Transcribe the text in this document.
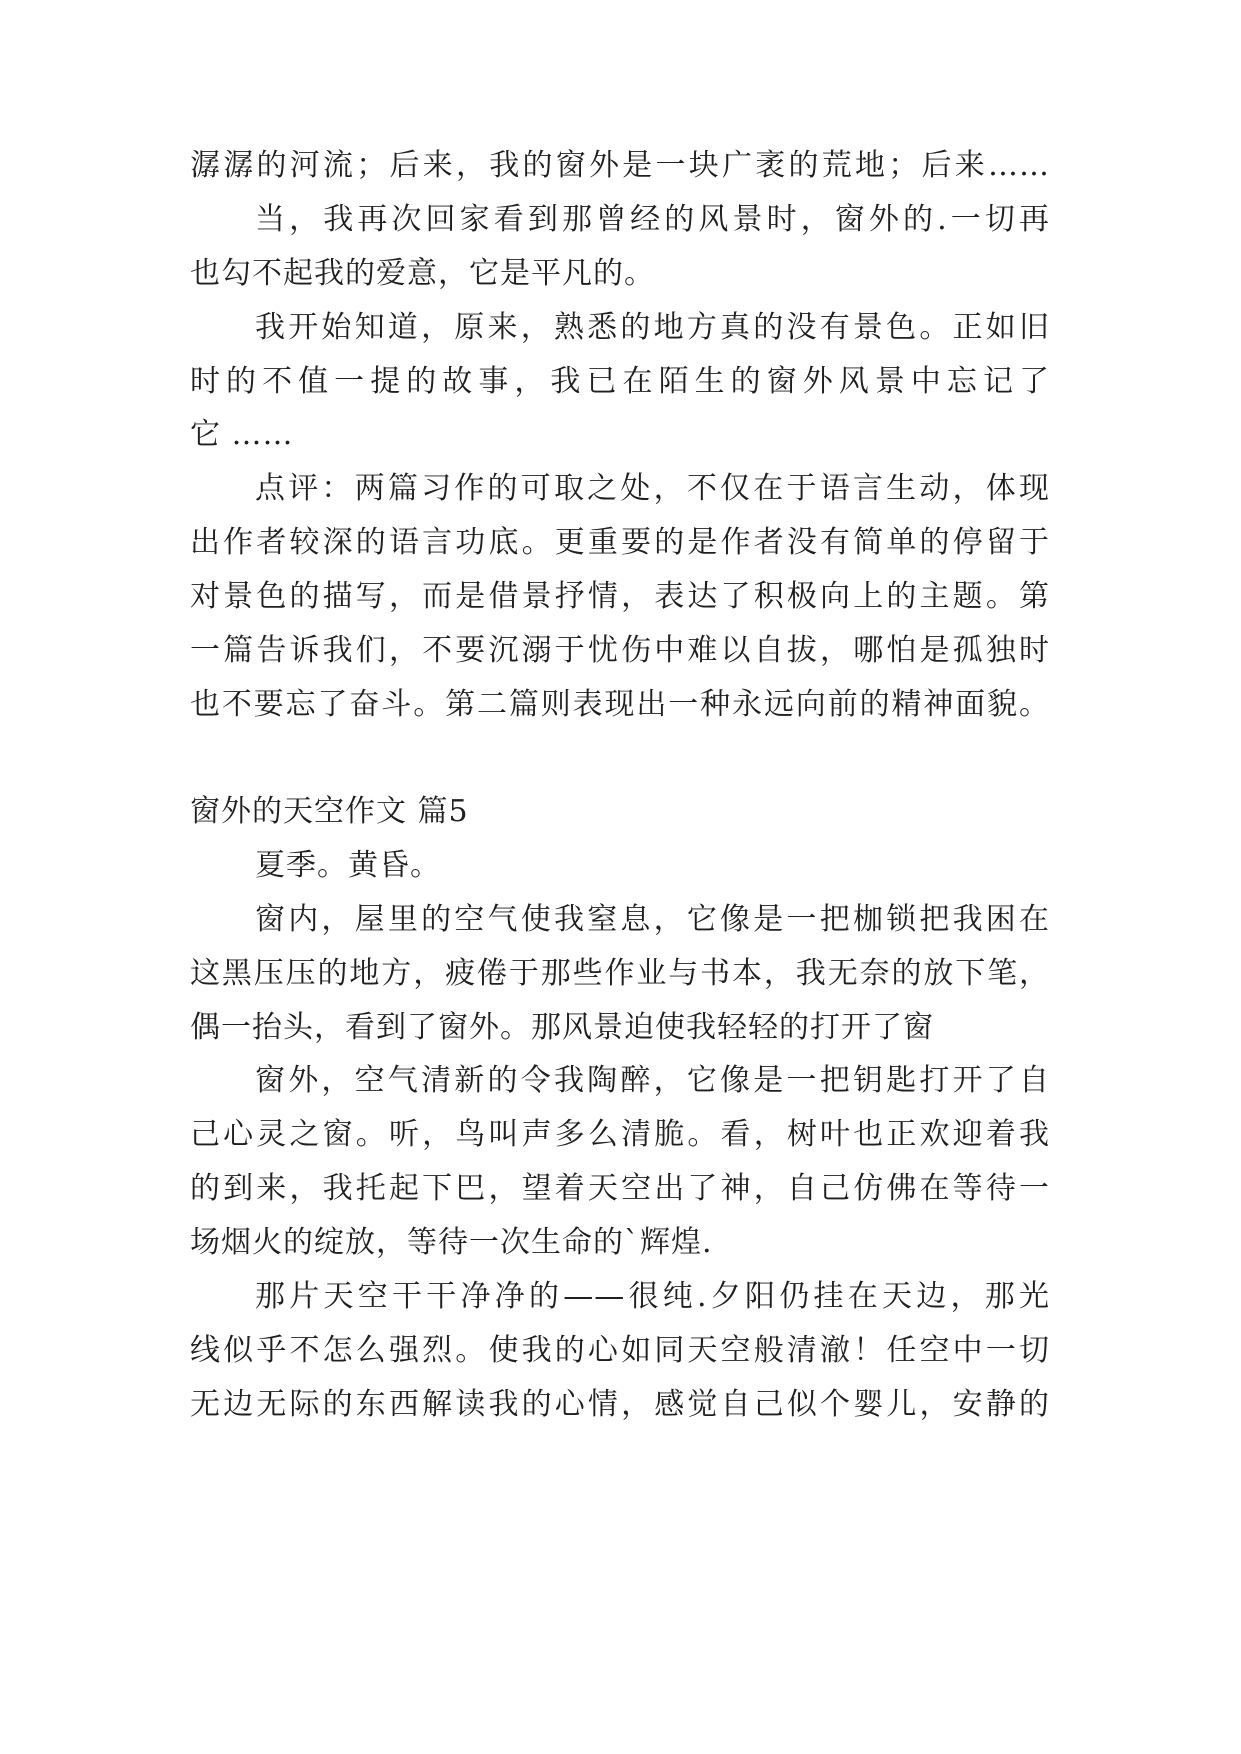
潺潺的河流；后来，我的窗外是一块广袤的荒地；后来……
当，我再次回家看到那曾经的风景时，窗外的.一切再
也勾不起我的爱意，它是平凡的。
我开始知道，原来，熟悉的地方真的没有景色。正如旧
时的不值一提的故事，我已在陌生的窗外风景中忘记了
它 ……
点评：两篇习作的可取之处，不仅在于语言生动，体现
出作者较深的语言功底。更重要的是作者没有简单的停留于
对景色的描写，而是借景抒情，表达了积极向上的主题。第
一篇告诉我们，不要沉溺于忧伤中难以自拔，哪怕是孤独时
也不要忘了奋斗。第二篇则表现出一种永远向前的精神面貌。
窗外的天空作文 篇5
夏季。黄昏。
窗内，屋里的空气使我窒息，它像是一把枷锁把我困在
这黑压压的地方，疲倦于那些作业与书本，我无奈的放下笔，
偶一抬头，看到了窗外。那风景迫使我轻轻的打开了窗
窗外，空气清新的令我陶醉，它像是一把钥匙打开了自
己心灵之窗。听，鸟叫声多么清脆。看，树叶也正欢迎着我
的到来，我托起下巴，望着天空出了神，自己仿佛在等待一
场烟火的绽放，等待一次生命的`辉煌.
那片天空干干净净的——很纯.夕阳仍挂在天边，那光
线似乎不怎么强烈。使我的心如同天空般清澈！任空中一切
无边无际的东西解读我的心情，感觉自己似个婴儿，安静的
